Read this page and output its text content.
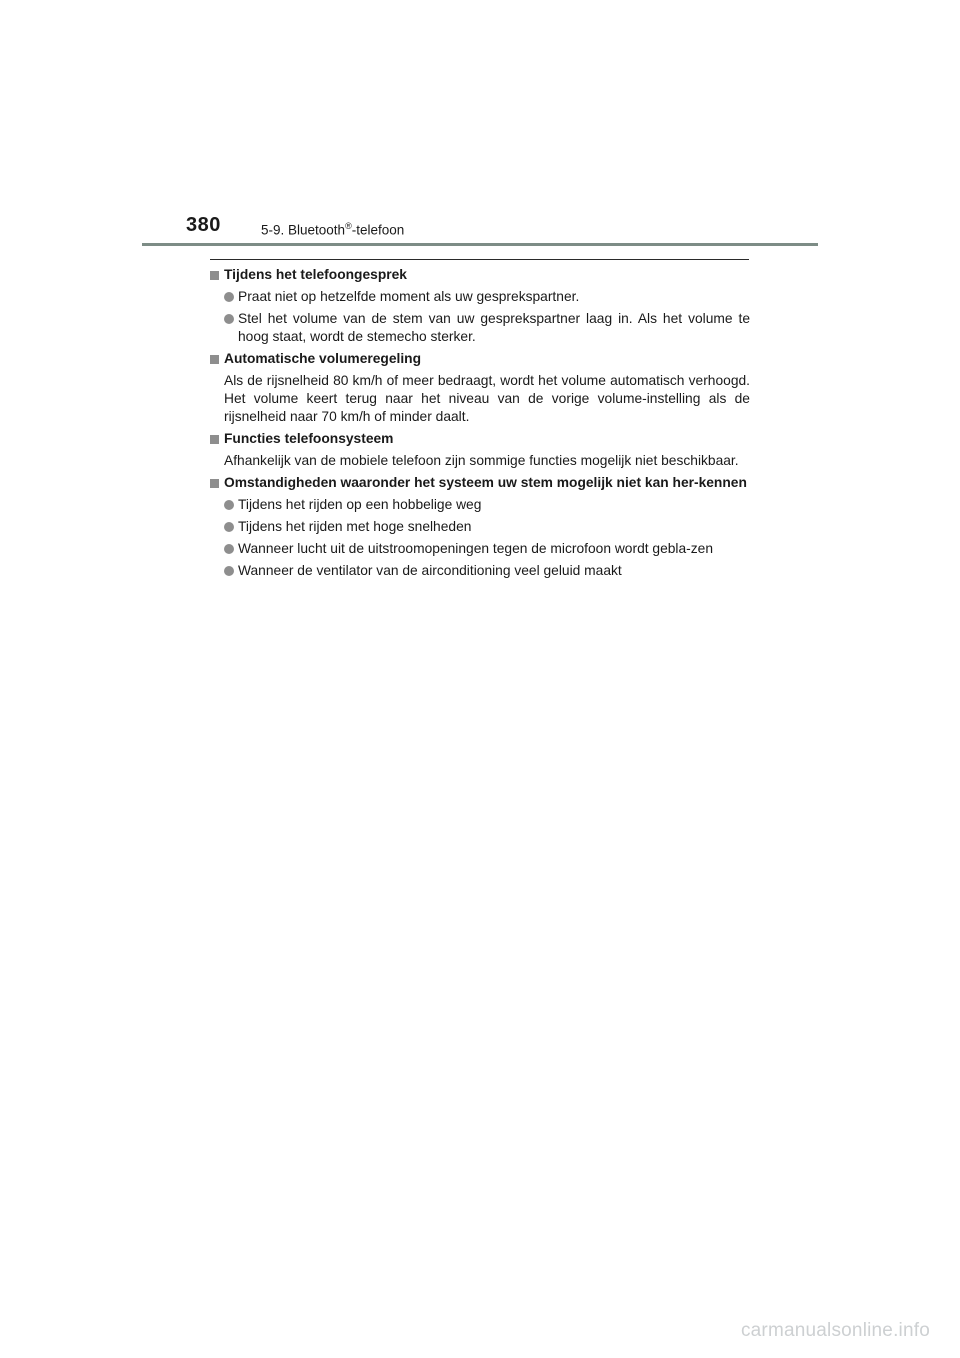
380	5-9. Bluetooth®-telefoon
Tijdens het telefoongesprek
Praat niet op hetzelfde moment als uw gesprekspartner.
Stel het volume van de stem van uw gesprekspartner laag in. Als het volume te hoog staat, wordt de stemecho sterker.
Automatische volumeregeling
Als de rijsnelheid 80 km/h of meer bedraagt, wordt het volume automatisch verhoogd. Het volume keert terug naar het niveau van de vorige volume-instelling als de rijsnelheid naar 70 km/h of minder daalt.
Functies telefoonsysteem
Afhankelijk van de mobiele telefoon zijn sommige functies mogelijk niet beschikbaar.
Omstandigheden waaronder het systeem uw stem mogelijk niet kan her-kennen
Tijdens het rijden op een hobbelige weg
Tijdens het rijden met hoge snelheden
Wanneer lucht uit de uitstroomopeningen tegen de microfoon wordt gebla-zen
Wanneer de ventilator van de airconditioning veel geluid maakt
carmanualsonline.info
